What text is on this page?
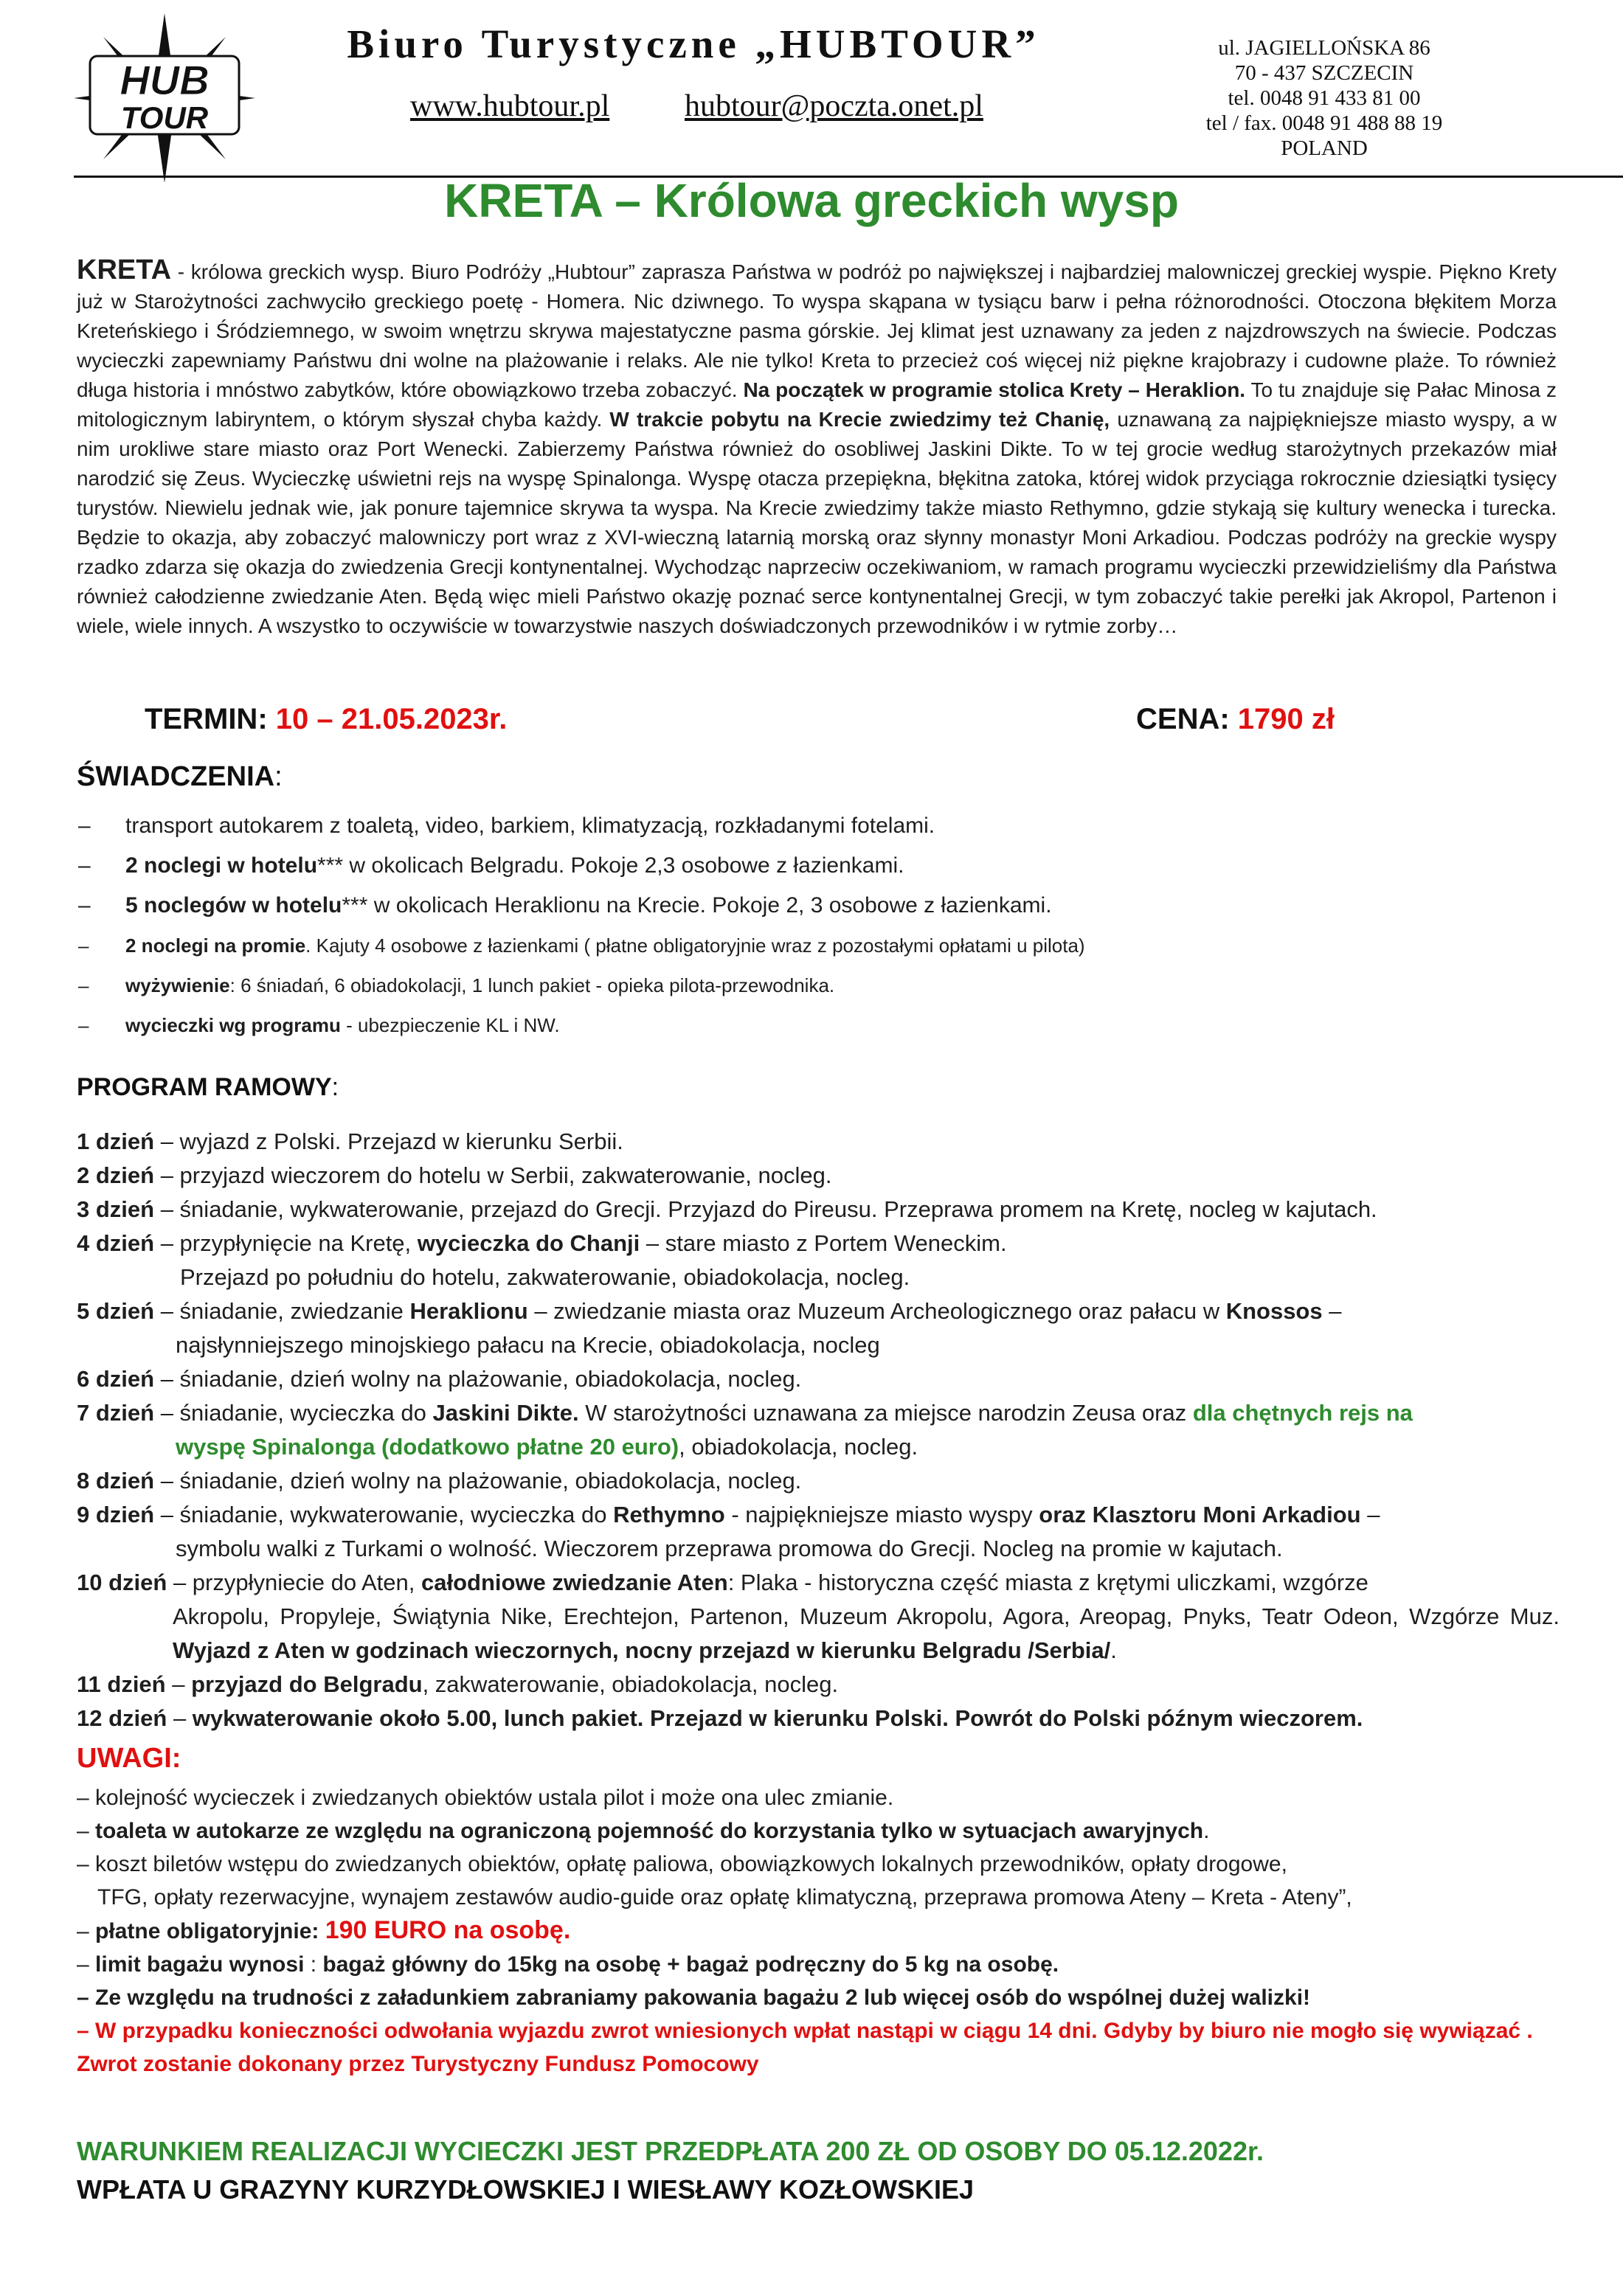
HUB
TOUR
Biuro Turystyczne „HUBTOUR”
www.hubtour.pl hubtour@poczta.onet.pl
ul. JAGIELLOŃSKA 86
70 - 437 SZCZECIN
tel. 0048 91 433 81 00
tel / fax. 0048 91 488 88 19
POLAND
KRETA – Królowa greckich wysp
KRETA - królowa greckich wysp. Biuro Podróży „Hubtour” zaprasza Państwa w podróż po największej i najbardziej malowniczej greckiej wyspie. Piękno Krety już w Starożytności zachwyciło greckiego poetę - Homera. Nic dziwnego. To wyspa skąpana w tysiącu barw i pełna różnorodności. Otoczona błękitem Morza Kreteńskiego i Śródziemnego, w swoim wnętrzu skrywa majestatyczne pasma górskie. Jej klimat jest uznawany za jeden z najzdrowszych na świecie. Podczas wycieczki zapewniamy Państwu dni wolne na plażowanie i relaks. Ale nie tylko! Kreta to przecież coś więcej niż piękne krajobrazy i cudowne plaże. To również długa historia i mnóstwo zabytków, które obowiązkowo trzeba zobaczyć. Na początek w programie stolica Krety – Heraklion. To tu znajduje się Pałac Minosa z mitologicznym labiryntem, o którym słyszał chyba każdy. W trakcie pobytu na Krecie zwiedzimy też Chanię, uznawaną za najpiękniejsze miasto wyspy, a w nim urokliwe stare miasto oraz Port Wenecki. Zabierzemy Państwa również do osobliwej Jaskini Dikte. To w tej grocie według starożytnych przekazów miał narodzić się Zeus. Wycieczkę uświetni rejs na wyspę Spinalonga. Wyspę otacza przepiękna, błękitna zatoka, której widok przyciąga rokrocznie dziesiątki tysięcy turystów. Niewielu jednak wie, jak ponure tajemnice skrywa ta wyspa. Na Krecie zwiedzimy także miasto Rethymno, gdzie stykają się kultury wenecka i turecka. Będzie to okazja, aby zobaczyć malowniczy port wraz z XVI-wieczną latarnią morską oraz słynny monastyr Moni Arkadiou. Podczas podróży na greckie wyspy rzadko zdarza się okazja do zwiedzenia Grecji kontynentalnej. Wychodząc naprzeciw oczekiwaniom, w ramach programu wycieczki przewidzieliśmy dla Państwa również całodzienne zwiedzanie Aten. Będą więc mieli Państwo okazję poznać serce kontynentalnej Grecji, w tym zobaczyć takie perełki jak Akropol, Partenon i wiele, wiele innych. A wszystko to oczywiście w towarzystwie naszych doświadczonych przewodników i w rytmie zorby…
TERMIN: 10 – 21.05.2023r.	CENA: 1790 zł
ŚWIADCZENIA:
– transport autokarem z toaletą, video, barkiem, klimatyzacją, rozkładanymi fotelami.
– 2 noclegi w hotelu*** w okolicach Belgradu. Pokoje 2,3 osobowe z łazienkami.
– 5 noclegów w hotelu*** w okolicach Heraklionu na Krecie. Pokoje 2, 3 osobowe z łazienkami.
– 2 noclegi na promie. Kajuty 4 osobowe z łazienkami ( płatne obligatoryjnie wraz z pozostałymi opłatami u pilota)
– wyżywienie: 6 śniadań, 6 obiadokolacji, 1 lunch pakiet - opieka pilota-przewodnika.
– wycieczki wg programu - ubezpieczenie KL i NW.
PROGRAM RAMOWY:
1 dzień – wyjazd z Polski. Przejazd w kierunku Serbii.
2 dzień – przyjazd wieczorem do hotelu w Serbii, zakwaterowanie, nocleg.
3 dzień – śniadanie, wykwaterowanie, przejazd do Grecji. Przyjazd do Pireusu. Przeprawa promem na Kretę, nocleg w kajutach.
4 dzień – przypłynięcie na Kretę, wycieczka do Chanji – stare miasto z Portem Weneckim.
Przejazd po południu do hotelu, zakwaterowanie, obiadokolacja, nocleg.
5 dzień – śniadanie, zwiedzanie Heraklionu – zwiedzanie miasta oraz Muzeum Archeologicznego oraz pałacu w Knossos –
najsłynniejszego minojskiego pałacu na Krecie, obiadokolacja, nocleg
6 dzień – śniadanie, dzień wolny na plażowanie, obiadokolacja, nocleg.
7 dzień – śniadanie, wycieczka do Jaskini Dikte. W starożytności uznawana za miejsce narodzin Zeusa oraz dla chętnych rejs na
wyspę Spinalonga (dodatkowo płatne 20 euro), obiadokolacja, nocleg.
8 dzień – śniadanie, dzień wolny na plażowanie, obiadokolacja, nocleg.
9 dzień – śniadanie, wykwaterowanie, wycieczka do Rethymno - najpiękniejsze miasto wyspy oraz Klasztoru Moni Arkadiou –
symbolu walki z Turkami o wolność. Wieczorem przeprawa promowa do Grecji. Nocleg na promie w kajutach.
10 dzień – przypłyniecie do Aten, całodniowe zwiedzanie Aten: Plaka - historyczna część miasta z krętymi uliczkami, wzgórze
Akropolu, Propyleje, Świątynia Nike, Erechtejon, Partenon, Muzeum Akropolu, Agora, Areopag, Pnyks, Teatr Odeon, Wzgórze Muz. Wyjazd z Aten w godzinach wieczornych, nocny przejazd w kierunku Belgradu /Serbia/.
11 dzień – przyjazd do Belgradu, zakwaterowanie, obiadokolacja, nocleg.
12 dzień – wykwaterowanie około 5.00, lunch pakiet. Przejazd w kierunku Polski. Powrót do Polski późnym wieczorem.
UWAGI:
– kolejność wycieczek i zwiedzanych obiektów ustala pilot i może ona ulec zmianie.
– toaleta w autokarze ze względu na ograniczoną pojemność do korzystania tylko w sytuacjach awaryjnych.
– koszt biletów wstępu do zwiedzanych obiektów, opłatę paliowa, obowiązkowych lokalnych przewodników, opłaty drogowe,
TFG, opłaty rezerwacyjne, wynajem zestawów audio-guide oraz opłatę klimatyczną, przeprawa promowa Ateny – Kreta - Ateny”,
– płatne obligatoryjnie: 190 EURO na osobę.
– limit bagażu wynosi : bagaż główny do 15kg na osobę + bagaż podręczny do 5 kg na osobę.
– Ze względu na trudności z załadunkiem zabraniamy pakowania bagażu 2 lub więcej osób do wspólnej dużej walizki!
– W przypadku konieczności odwołania wyjazdu zwrot wniesionych wpłat nastąpi w ciągu 14 dni. Gdyby by biuro nie mogło się wywiązać . Zwrot zostanie dokonany przez Turystyczny Fundusz Pomocowy
WARUNKIEM REALIZACJI WYCIECZKI JEST PRZEDPŁATA 200 ZŁ OD OSOBY DO 05.12.2022r.
WPŁATA U GRAZYNY KURZYDŁOWSKIEJ I WIESŁAWY KOZŁOWSKIEJ
